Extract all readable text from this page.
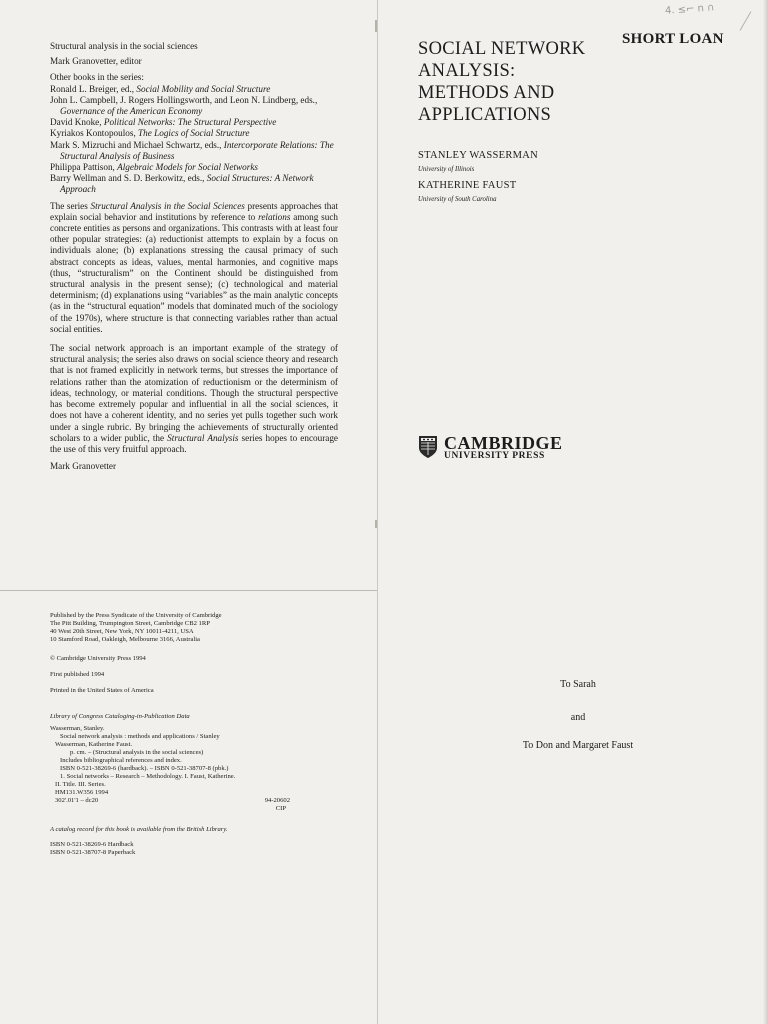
Structural analysis in the social sciences

Mark Granovetter, editor

Other books in the series:

Ronald L. Breiger, ed., Social Mobility and Social Structure

John L. Campbell, J. Rogers Hollingsworth, and Leon N. Lindberg, eds., Governance of the American Economy

David Knoke, Political Networks: The Structural Perspective

Kyriakos Kontopoulos, The Logics of Social Structure

Mark S. Mizruchi and Michael Schwartz, eds., Intercorporate Relations: The Structural Analysis of Business

Philippa Pattison, Algebraic Models for Social Networks

Barry Wellman and S. D. Berkowitz, eds., Social Structures: A Network Approach

The series Structural Analysis in the Social Sciences presents approaches that explain social behavior and institutions by reference to relations among such concrete entities as persons and organizations. This contrasts with at least four other popular strategies: (a) reductionist attempts to explain by a focus on individuals alone; (b) explanations stressing the causal primacy of such abstract concepts as ideas, values, mental harmonies, and cognitive maps (thus, “structuralism” on the Continent should be distinguished from structural analysis in the present sense); (c) technological and material determinism; (d) explanations using “variables” as the main analytic concepts (as in the “structural equation” models that dominated much of the sociology of the 1970s), where structure is that connecting variables rather than actual social entities.

The social network approach is an important example of the strategy of structural analysis; the series also draws on social science theory and research that is not framed explicitly in network terms, but stresses the importance of relations rather than the atomization of reductionism or the determinism of ideas, technology, or material conditions. Though the structural perspective has become extremely popular and influential in all the social sciences, it does not have a coherent identity, and no series yet pulls together such work under a single rubric. By bringing the achievements of structurally oriented scholars to a wider public, the Structural Analysis series hopes to encourage the use of this very fruitful approach.

Mark Granovetter

Published by the Press Syndicate of the University of Cambridge

The Pitt Building, Trumpington Street, Cambridge CB2 1RP

40 West 20th Street, New York, NY 10011-4211, USA

10 Stamford Road, Oakleigh, Melbourne 3166, Australia

© Cambridge University Press 1994
First published 1994
Printed in the United States of America

Library of Congress Cataloging-in-Publication Data

Wasserman, Stanley.

Social network analysis : methods and applications / Stanley

Wasserman, Katherine Faust.

p. cm. – (Structural analysis in the social sciences)

Includes bibliographical references and index.

ISBN 0-521-38269-6 (hardback). – ISBN 0-521-38707-8 (pbk.)

1. Social networks – Research – Methodology. I. Faust, Katherine.

II. Title. III. Series.

HM131.W356 1994

302'.01'1 – dc20	94-20602
CIP
A catalog record for this book is available from the British Library.

ISBN 0-521-38269-6 Hardback

ISBN 0-521-38707-8 Paperback

4. ≤⌐ n ∩
SHORT LOAN
SOCIAL NETWORK
ANALYSIS:
METHODS AND
APPLICATIONS
STANLEY WASSERMAN
University of Illinois
KATHERINE FAUST
University of South Carolina
CAMBRIDGE
UNIVERSITY PRESS
To Sarah
and
To Don and Margaret Faust
